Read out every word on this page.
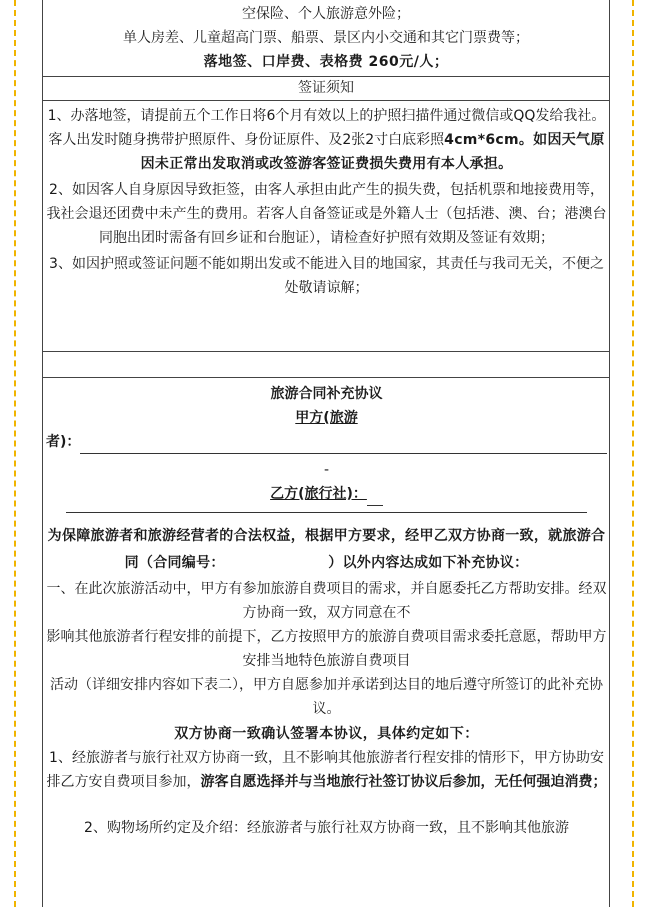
空保险、个人旅游意外险；

单人房差、儿童超高门票、船票、景区内小交通和其它门票费等；

落地签、口岸费、表格费 260元/人；

签证须知

1、办落地签，请提前五个工作日将6个月有效以上的护照扫描件通过微信或QQ发给我社。客人出发时随身携带护照原件、身份证原件、及2张2寸白底彩照4cm*6cm。如因天气原因未正常出发取消或改签游客签证费损失费用有本人承担。

2、如因客人自身原因导致拒签，由客人承担由此产生的损失费，包括机票和地接费用等，我社会退还团费中未产生的费用。若客人自备签证或是外籍人士（包括港、澳、台；港澳台同胞出团时需备有回乡证和台胞证），请检查好护照有效期及签证有效期；

3、如因护照或签证问题不能如期出发或不能进入目的地国家，其责任与我司无关，不便之处敬请谅解；

旅游合同补充协议

甲方(旅游

者)：

-

乙方(旅行社)：

为保障旅游者和旅游经营者的合法权益，根据甲方要求，经甲乙双方协商一致，就旅游合同（合同编号：                    ）以外内容达成如下补充协议：

一、在此次旅游活动中，甲方有参加旅游自费项目的需求，并自愿委托乙方帮助安排。经双方协商一致，双方同意在不

影响其他旅游者行程安排的前提下，乙方按照甲方的旅游自费项目需求委托意愿，帮助甲方安排当地特色旅游自费项目

活动（详细安排内容如下表二），甲方自愿参加并承诺到达目的地后遵守所签订的此补充协议。

双方协商一致确认签署本协议，具体约定如下：

1、经旅游者与旅行社双方协商一致，且不影响其他旅游者行程安排的情形下，甲方协助安排乙方安自费项目参加，游客自愿选择并与当地旅行社签订协议后参加，无任何强迫消费；

2、购物场所约定及介绍：经旅游者与旅行社双方协商一致，且不影响其他旅游
